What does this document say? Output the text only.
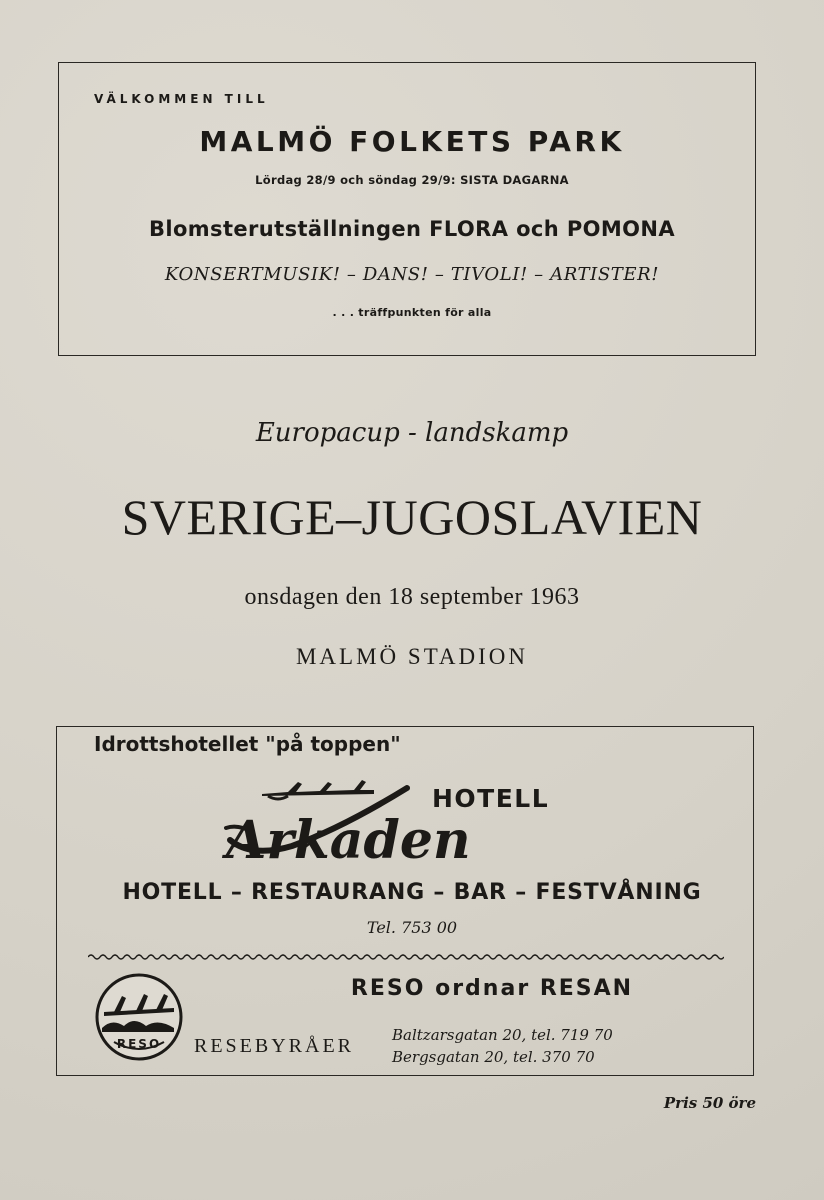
VÄLKOMMEN TILL
MALMÖ FOLKETS PARK
Lördag 28/9 och söndag 29/9: SISTA DAGARNA
Blomsterutställningen FLORA och POMONA
KONSERTMUSIK! – DANS! – TIVOLI! – ARTISTER!
. . . träffpunkten för alla
Europacup - landskamp
SVERIGE–JUGOSLAVIEN
onsdagen den 18 september 1963
MALMÖ STADION
Idrottshotellet "på toppen"
HOTELL
Arkaden
HOTELL – RESTAURANG – BAR – FESTVÅNING
Tel. 753 00
RESO ordnar RESAN
RESO RESEBYRÅER	Baltzarsgatan 20, tel. 719 70
Bergsgatan 20, tel. 370 70
Pris 50 öre
